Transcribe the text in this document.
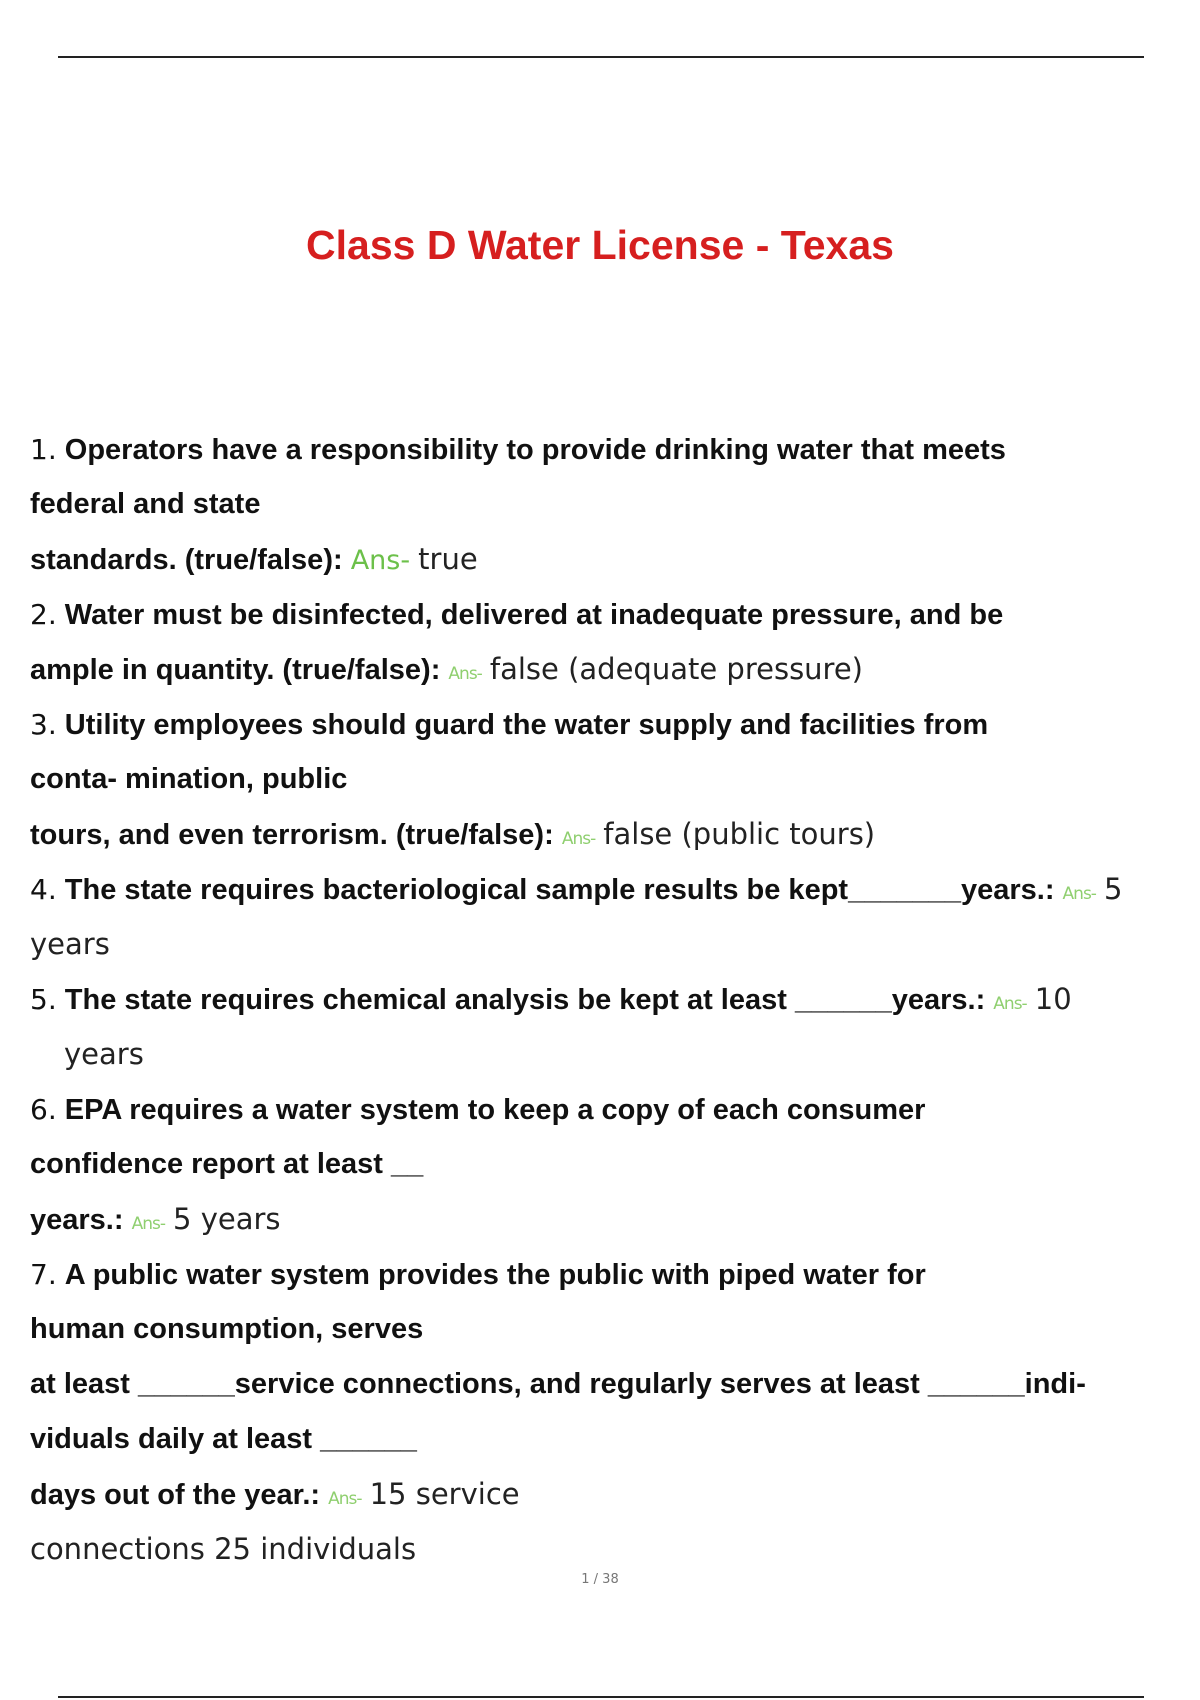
Class D Water License - Texas
1. Operators have a responsibility to provide drinking water that meets
federal and state
standards. (true/false): Ans- true
2. Water must be disinfected, delivered at inadequate pressure, and be
ample in quantity. (true/false): Ans- false (adequate pressure)
3. Utility employees should guard the water supply and facilities from
conta- mination, public
tours, and even terrorism. (true/false): Ans- false (public tours)
4. The state requires bacteriological sample results be kept_______years.: Ans- 5
years
5. The state requires chemical analysis be kept at least ______years.: Ans- 10
years
6. EPA requires a water system to keep a copy of each consumer
confidence report at least __
years.: Ans- 5 years
7. A public water system provides the public with piped water for
human consumption, serves
at least ______service connections, and regularly serves at least ______indi-
viduals daily at least ______
days out of the year.: Ans- 15 service
connections 25 individuals
1 / 38
